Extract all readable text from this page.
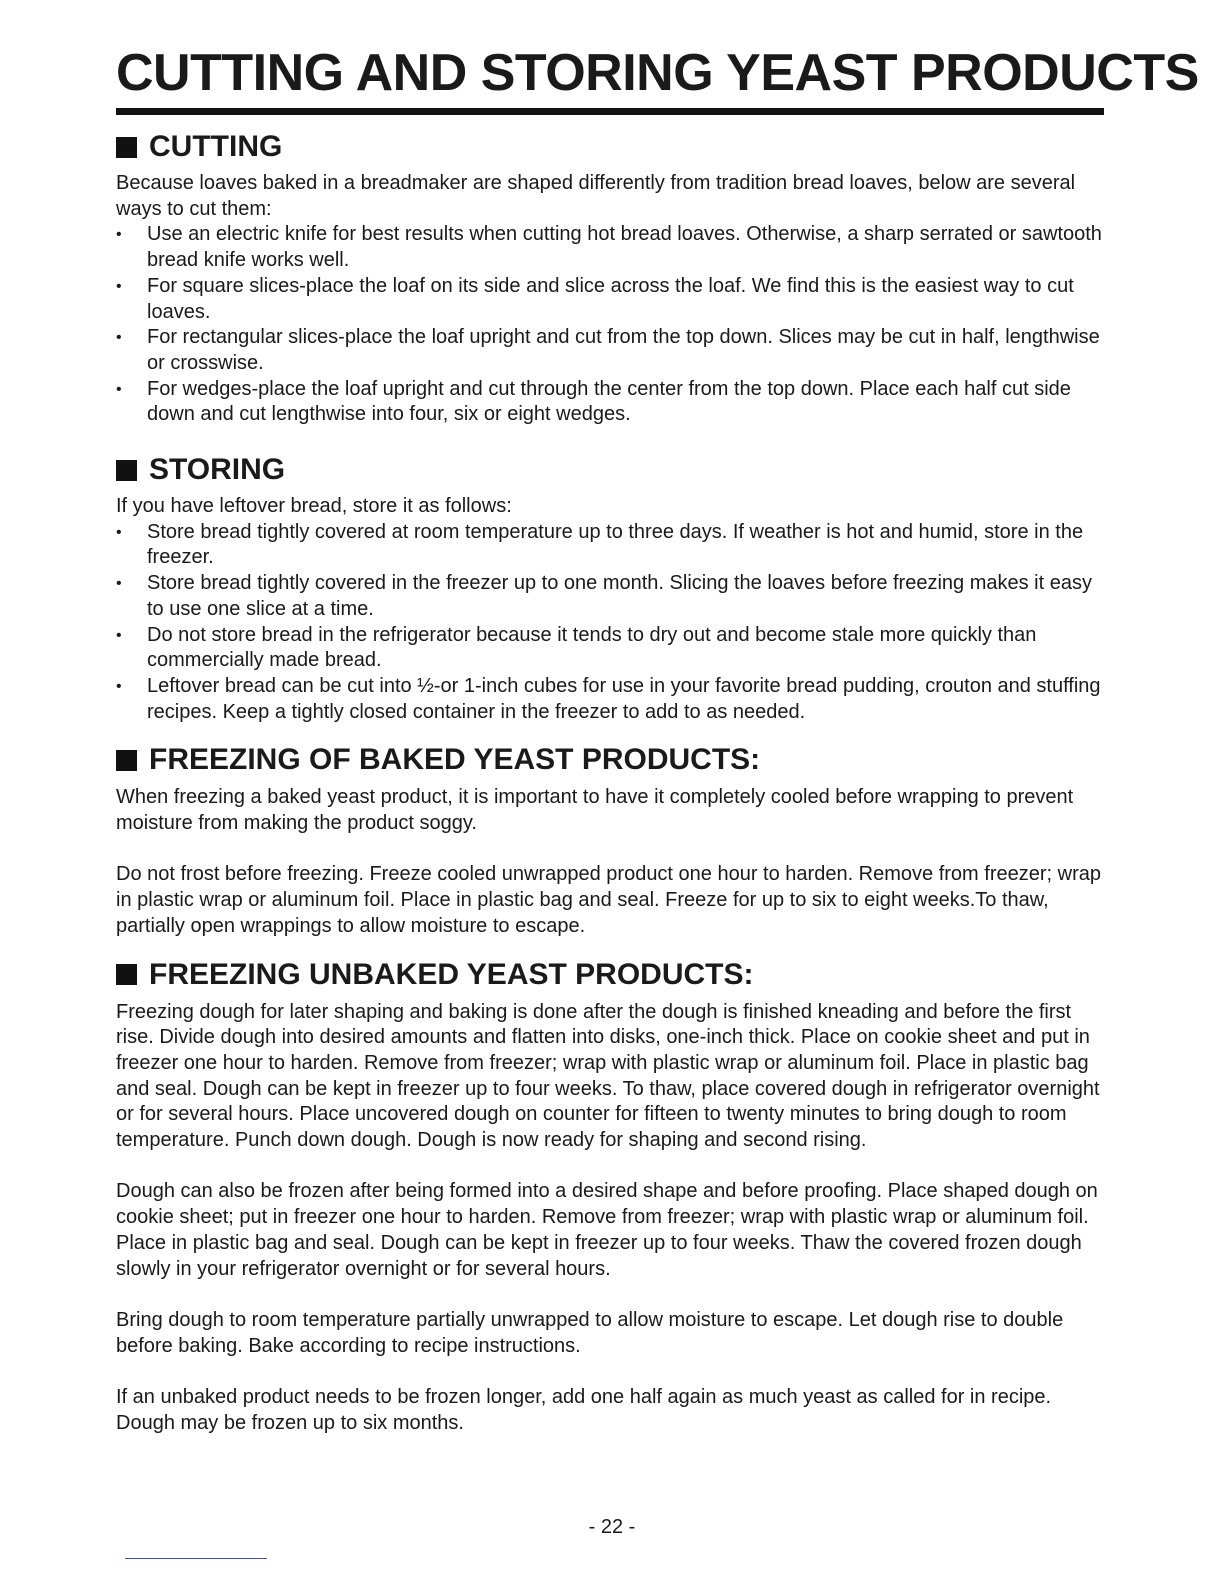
CUTTING AND STORING YEAST PRODUCTS
CUTTING

Because loaves baked in a breadmaker are shaped differently from tradition bread loaves, below are several ways to cut them:

• Use an electric knife for best results when cutting hot bread loaves. Otherwise, a sharp serrated or sawtooth bread knife works well.
• For square slices-place the loaf on its side and slice across the loaf. We find this is the easiest way to cut loaves.
• For rectangular slices-place the loaf upright and cut from the top down. Slices may be cut in half, lengthwise or crosswise.
• For wedges-place the loaf upright and cut through the center from the top down. Place each half cut side down and cut lengthwise into four, six or eight wedges.
STORING

If you have leftover bread, store it as follows:

• Store bread tightly covered at room temperature up to three days. If weather is hot and humid, store in the freezer.
• Store bread tightly covered in the freezer up to one month. Slicing the loaves before freezing makes it easy to use one slice at a time.
• Do not store bread in the refrigerator because it tends to dry out and become stale more quickly than commercially made bread.
• Leftover bread can be cut into ½-or 1-inch cubes for use in your favorite bread pudding, crouton and stuffing recipes. Keep a tightly closed container in the freezer to add to as needed.
FREEZING OF BAKED YEAST PRODUCTS:

When freezing a baked yeast product, it is important to have it completely cooled before wrapping to prevent moisture from making the product soggy.

Do not frost before freezing. Freeze cooled unwrapped product one hour to harden. Remove from freezer; wrap in plastic wrap or aluminum foil. Place in plastic bag and seal. Freeze for up to six to eight weeks.To thaw, partially open wrappings to allow moisture to escape.

FREEZING UNBAKED YEAST PRODUCTS:

Freezing dough for later shaping and baking is done after the dough is finished kneading and before the first rise. Divide dough into desired amounts and flatten into disks, one-inch thick. Place on cookie sheet and put in freezer one hour to harden. Remove from freezer; wrap with plastic wrap or aluminum foil. Place in plastic bag and seal. Dough can be kept in freezer up to four weeks. To thaw, place covered dough in refrigerator overnight or for several hours. Place uncovered dough on counter for fifteen to twenty minutes to bring dough to room temperature. Punch down dough. Dough is now ready for shaping and second rising.

Dough can also be frozen after being formed into a desired shape and before proofing. Place shaped dough on cookie sheet; put in freezer one hour to harden. Remove from freezer; wrap with plastic wrap or aluminum foil. Place in plastic bag and seal. Dough can be kept in freezer up to four weeks. Thaw the covered frozen dough slowly in your refrigerator overnight or for several hours.

Bring dough to room temperature partially unwrapped to allow moisture to escape. Let dough rise to double before baking. Bake according to recipe instructions.

If an unbaked product needs to be frozen longer, add one half again as much yeast as called for in recipe. Dough may be frozen up to six months.

- 22 -
